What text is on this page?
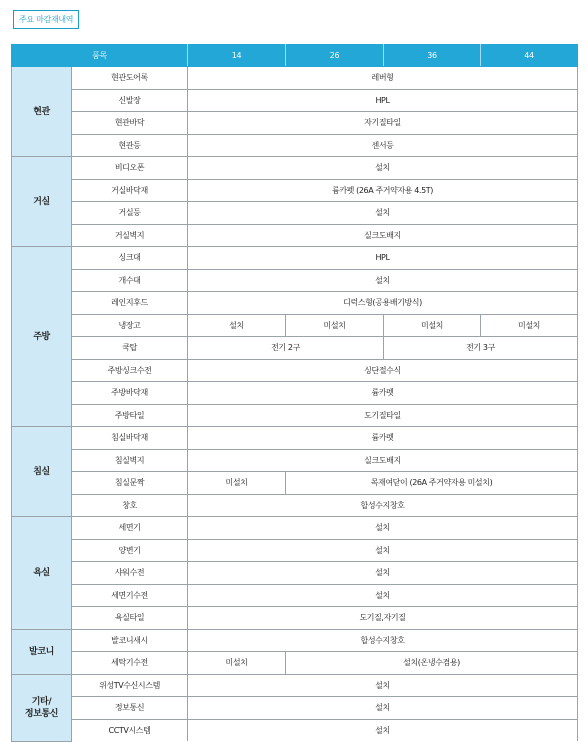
주요 마감재내역
품목		14	26	36	44
현관	현관도어록	레버형			
	신발장	HPL			
	현관바닥	자기질타일			
	현관등	센서등			
거실	비디오폰	설치			
	거실바닥재	륨카펫 (26A 주거약자용 4.5T)			
	거실등	설치			
	거실벽지	실크도배지			
주방	싱크대	HPL			
	개수대	설치			
	레인지후드	디럭스형(공용배기방식)			
	냉장고	설치	미설치	미설치	미설치
	쿡탑	전기 2구		전기 3구	
	주방싱크수전	싱단절수식			
	주방바닥재	륨카펫			
	주방타일	도기질타일			
침실	침실바닥재	륨카펫			
	침실벽지	실크도배지			
	침실문짝	미설치	목재여닫이 (26A 주거약자용 미설치)		
	창호	합성수지창호			
욕실	세면기	설치			
	양변기	설치			
	샤워수전	설치			
	세면기수전	설치			
	욕실타일	도기질,자기질			
발코니	발코니새시	합성수지창호			
	세탁기수전	미설치	설치(온냉수겸용)		
기타/
정보통신	위성TV수신시스템	설치			
	정보통신	설치			
	CCTV시스템	설치			
